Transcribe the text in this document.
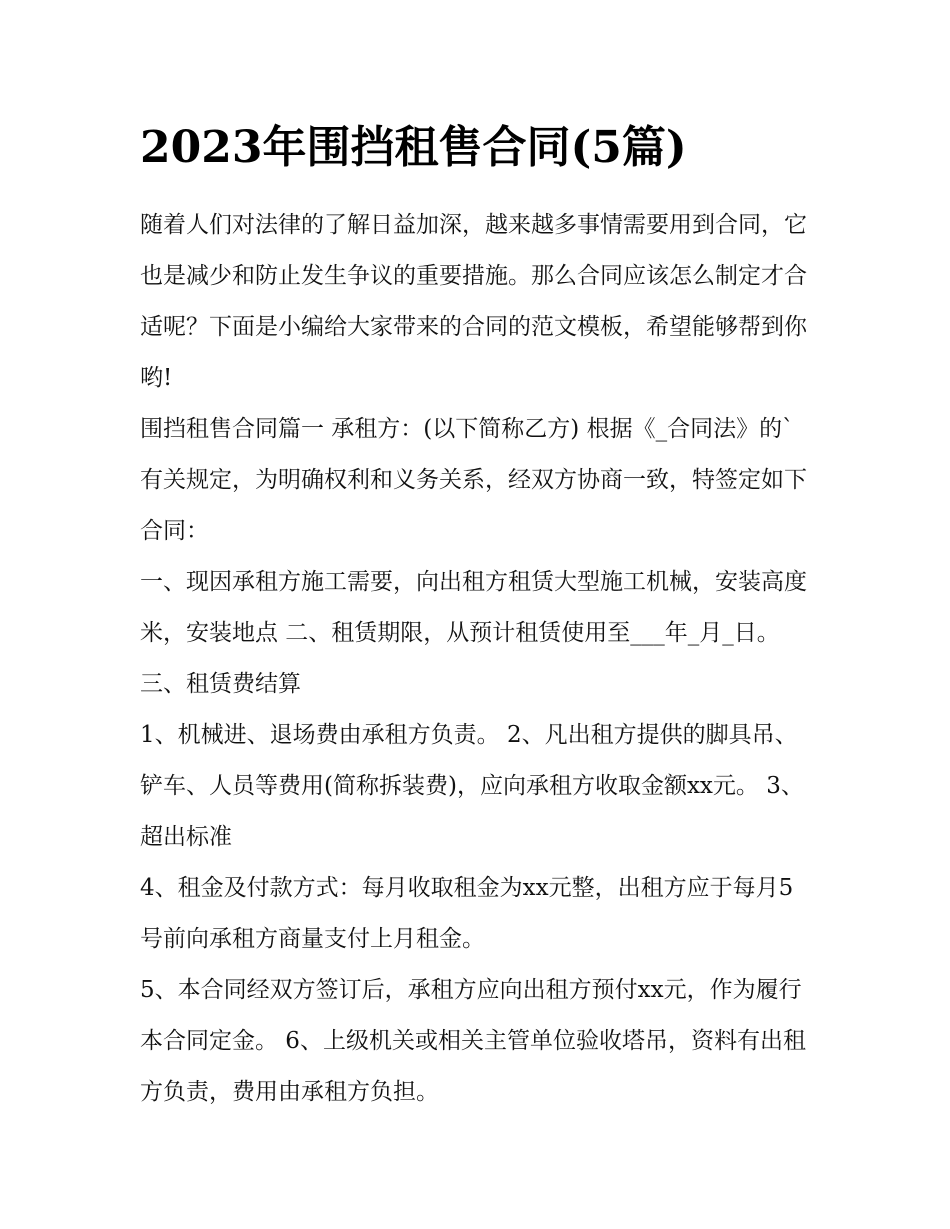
2023年围挡租售合同(5篇)

随着人们对法律的了解日益加深，越来越多事情需要用到合同，它也是减少和防止发生争议的重要措施。那么合同应该怎么制定才合适呢？下面是小编给大家带来的合同的范文模板，希望能够帮到你哟!

围挡租售合同篇一 承租方：(以下简称乙方) 根据《_合同法》的`有关规定，为明确权利和义务关系，经双方协商一致，特签定如下合同：

一、现因承租方施工需要，向出租方租赁大型施工机械，安装高度米，安装地点 二、租赁期限，从预计租赁使用至___年_月_日。 三、租赁费结算

1、机械进、退场费由承租方负责。 2、凡出租方提供的脚具吊、铲车、人员等费用(简称拆装费)，应向承租方收取金额xx元。 3、超出标准

4、租金及付款方式：每月收取租金为xx元整，出租方应于每月5号前向承租方商量支付上月租金。

5、本合同经双方签订后，承租方应向出租方预付xx元，作为履行本合同定金。 6、上级机关或相关主管单位验收塔吊，资料有出租方负责，费用由承租方负担。
